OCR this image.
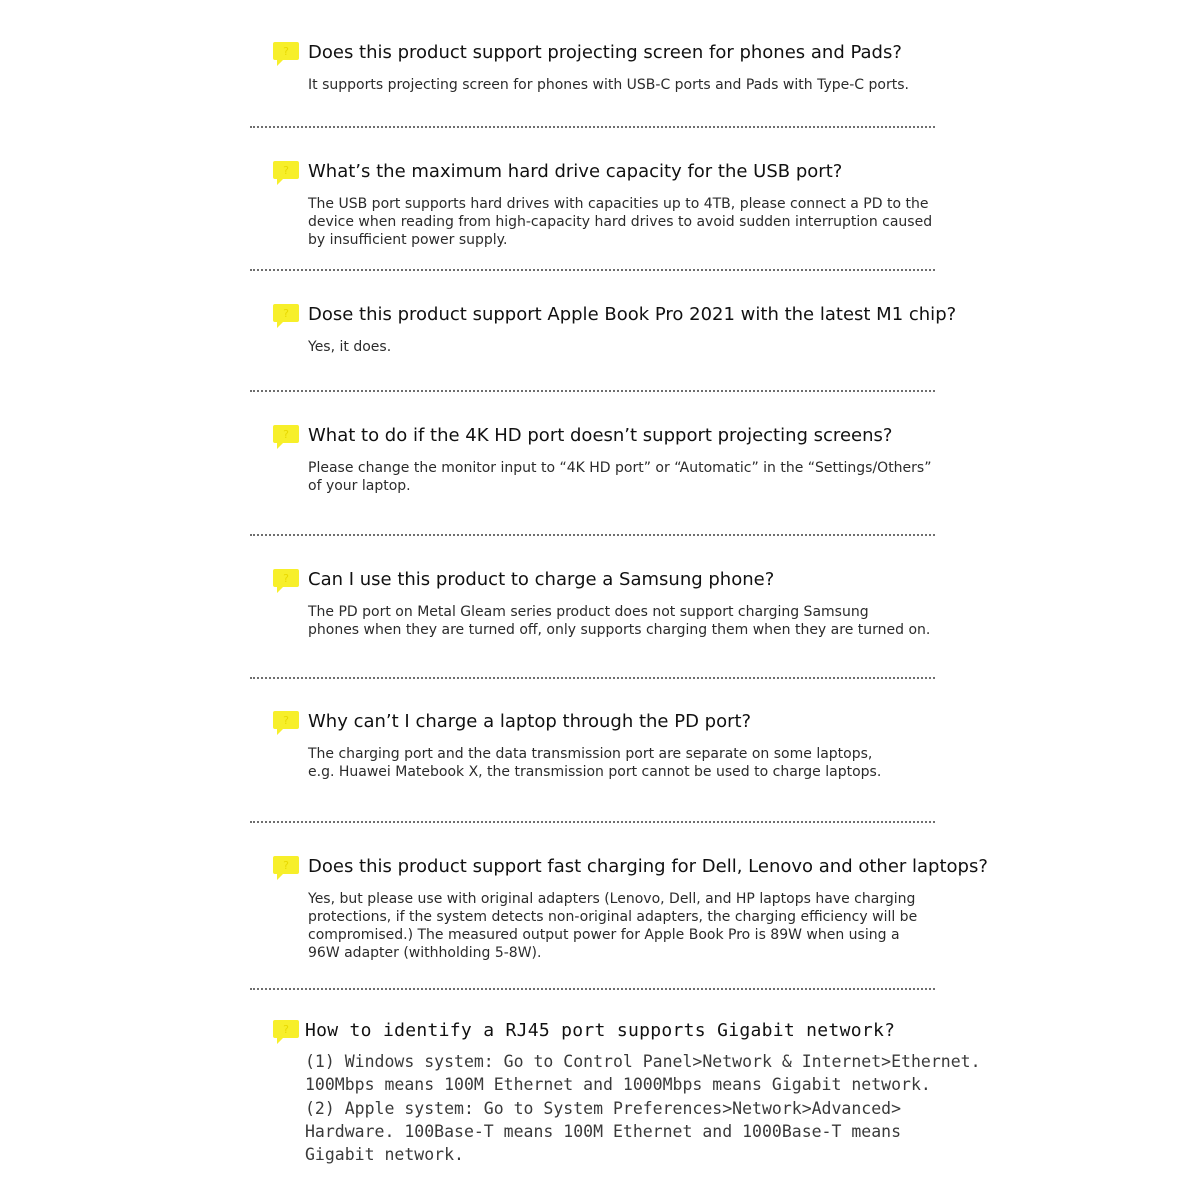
? Does this product support projecting screen for phones and Pads?
It supports projecting screen for phones with USB-C ports and Pads with Type-C ports.
? What’s the maximum hard drive capacity for the USB port?
The USB port supports hard drives with capacities up to 4TB, please connect a PD to the
device when reading from high-capacity hard drives to avoid sudden interruption caused
by insufficient power supply.
? Dose this product support Apple Book Pro 2021 with the latest M1 chip?
Yes, it does.
? What to do if the 4K HD port doesn’t support projecting screens?
Please change the monitor input to “4K HD port” or “Automatic” in the “Settings/Others”
of your laptop.
? Can I use this product to charge a Samsung phone?
The PD port on Metal Gleam series product does not support charging Samsung
phones when they are turned off, only supports charging them when they are turned on.
? Why can’t I charge a laptop through the PD port?
The charging port and the data transmission port are separate on some laptops,
e.g. Huawei Matebook X, the transmission port cannot be used to charge laptops.
? Does this product support fast charging for Dell, Lenovo and other laptops?
Yes, but please use with original adapters (Lenovo, Dell, and HP laptops have charging
protections, if the system detects non-original adapters, the charging efficiency will be
compromised.) The measured output power for Apple Book Pro is 89W when using a
96W adapter (withholding 5-8W).
? How to identify a RJ45 port supports Gigabit network?
(1) Windows system: Go to Control Panel>Network & Internet>Ethernet.
100Mbps means 100M Ethernet and 1000Mbps means Gigabit network.
(2) Apple system: Go to System Preferences>Network>Advanced>
Hardware. 100Base-T means 100M Ethernet and 1000Base-T means
Gigabit network.
